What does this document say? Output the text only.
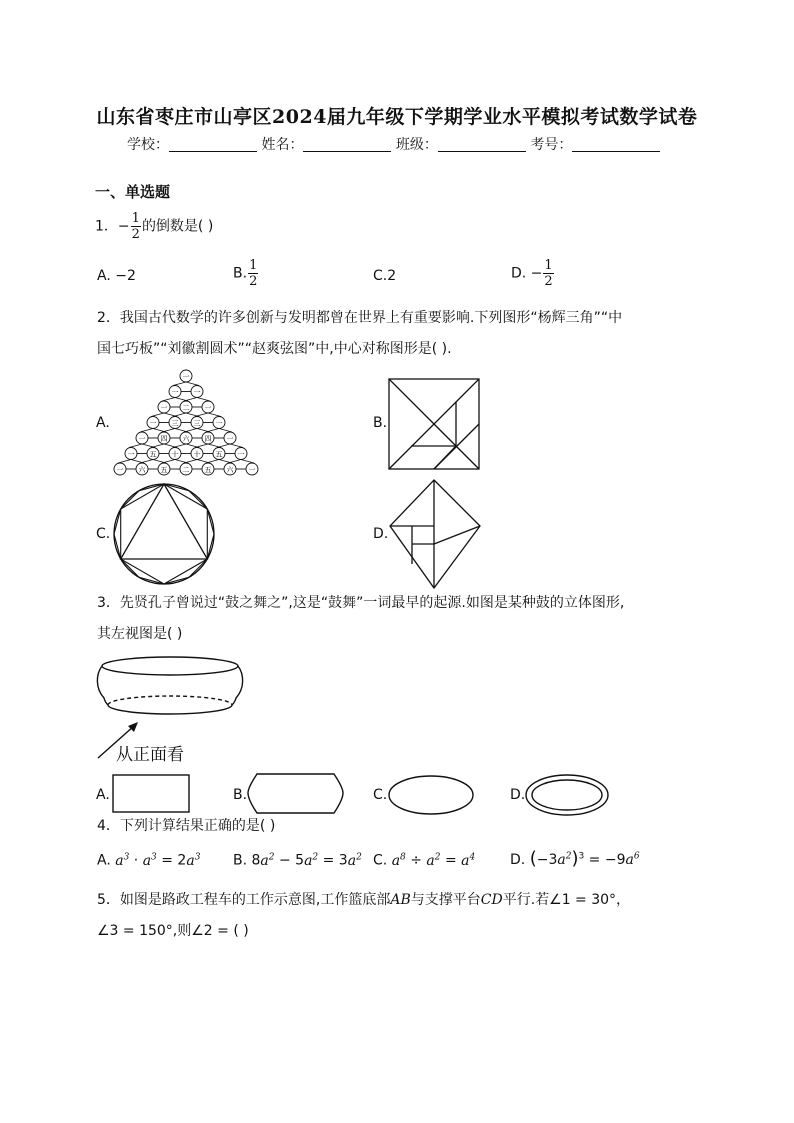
山东省枣庄市山亭区2024届九年级下学期学业水平模拟考试数学试卷
学校：	姓名：	班级：	考号：
一、单选题
1．− $\frac{1}{2}$ 的倒数是( )
A. −2	B. $\frac{1}{2}$	C.2	D. − $\frac{1}{2}$
2．我国古代数学的许多创新与发明都曾在世界上有重要影响.下列图形“杨辉三角”“中
国七巧板”“刘徽割圆术”“赵爽弦图”中,中心对称图形是( ).
A.
一
一 一
一 二 一
一 三 三 一
一 四 六 四 一
一 五 十 十 五 一
一 六 五 二 五 六 一
B.
C.	D.
3．先贤孔子曾说过“鼓之舞之”,这是“鼓舞”一词最早的起源.如图是某种鼓的立体图形,
其左视图是( )
从正面看
A.	B.	C.	D.
4．下列计算结果正确的是( )
A. $a^3 \cdot a^3 = 2a^3$ B. $8a^2 - 5a^2 = 3a^2$ C. $a^8 \div a^2 = a^4$ D. $(-3a^2)^3 = -9a^6$
5．如图是路政工程车的工作示意图,工作篮底部AB与支撑平台CD平行.若∠1 = 30°，
∠3 = 150°,则∠2 = ( )
